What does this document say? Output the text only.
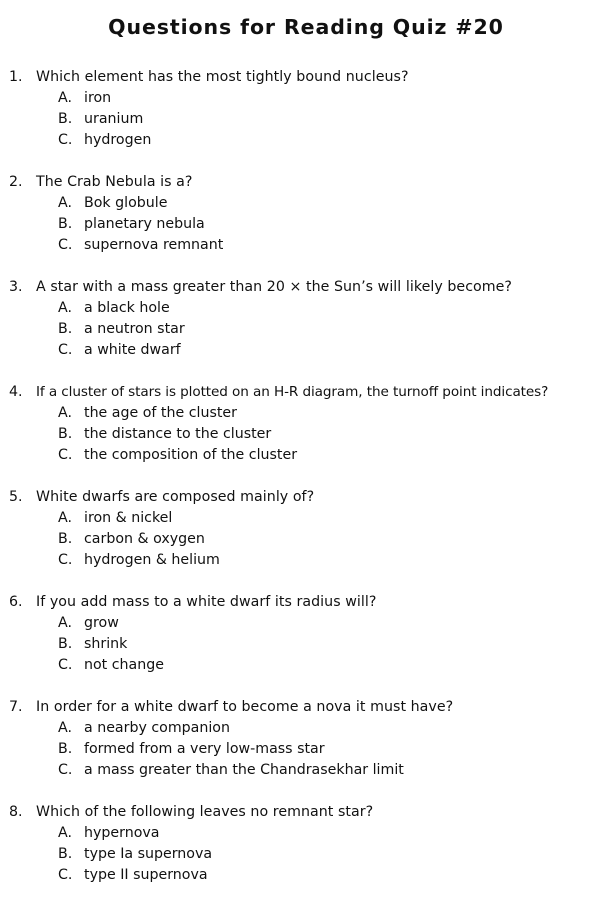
Questions for Reading Quiz #20
1. Which element has the most tightly bound nucleus?
A. iron
B. uranium
C. hydrogen
2. The Crab Nebula is a?
A. Bok globule
B. planetary nebula
C. supernova remnant
3. A star with a mass greater than 20 × the Sun’s will likely become?
A. a black hole
B. a neutron star
C. a white dwarf
4. If a cluster of stars is plotted on an H-R diagram, the turnoff point indicates?
A. the age of the cluster
B. the distance to the cluster
C. the composition of the cluster
5. White dwarfs are composed mainly of?
A. iron & nickel
B. carbon & oxygen
C. hydrogen & helium
6. If you add mass to a white dwarf its radius will?
A. grow
B. shrink
C. not change
7. In order for a white dwarf to become a nova it must have?
A. a nearby companion
B. formed from a very low-mass star
C. a mass greater than the Chandrasekhar limit
8. Which of the following leaves no remnant star?
A. hypernova
B. type Ia supernova
C. type II supernova
